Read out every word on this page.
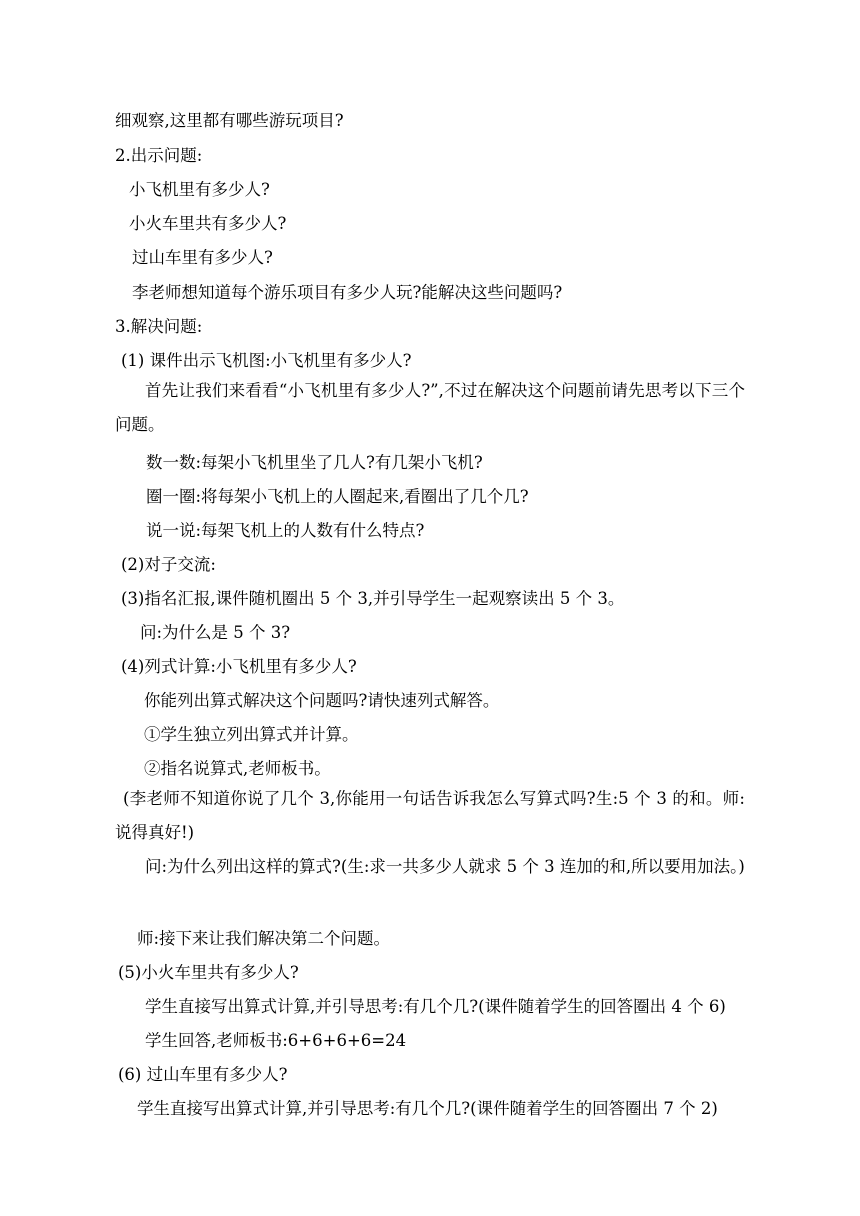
细观察,这里都有哪些游玩项目?

2.出示问题:

小飞机里有多少人?

小火车里共有多少人?

过山车里有多少人?

李老师想知道每个游乐项目有多少人玩?能解决这些问题吗?

3.解决问题:

(1) 课件出示飞机图:小飞机里有多少人?

首先让我们来看看“小飞机里有多少人?”,不过在解决这个问题前请先思考以下三个问题。

数一数:每架小飞机里坐了几人?有几架小飞机?

圈一圈:将每架小飞机上的人圈起来,看圈出了几个几?

说一说:每架飞机上的人数有什么特点?

(2)对子交流:

(3)指名汇报,课件随机圈出 5 个 3,并引导学生一起观察读出 5 个 3。

问:为什么是 5 个 3?

(4)列式计算:小飞机里有多少人?

你能列出算式解决这个问题吗?请快速列式解答。

①学生独立列出算式并计算。

②指名说算式,老师板书。

(李老师不知道你说了几个 3,你能用一句话告诉我怎么写算式吗?生:5 个 3 的和。师:说得真好!)

问:为什么列出这样的算式?(生:求一共多少人就求 5 个 3 连加的和,所以要用加法。)

师:接下来让我们解决第二个问题。

(5)小火车里共有多少人?

学生直接写出算式计算,并引导思考:有几个几?(课件随着学生的回答圈出 4 个 6)

学生回答,老师板书:6+6+6+6=24

(6) 过山车里有多少人?

学生直接写出算式计算,并引导思考:有几个几?(课件随着学生的回答圈出 7 个 2)
